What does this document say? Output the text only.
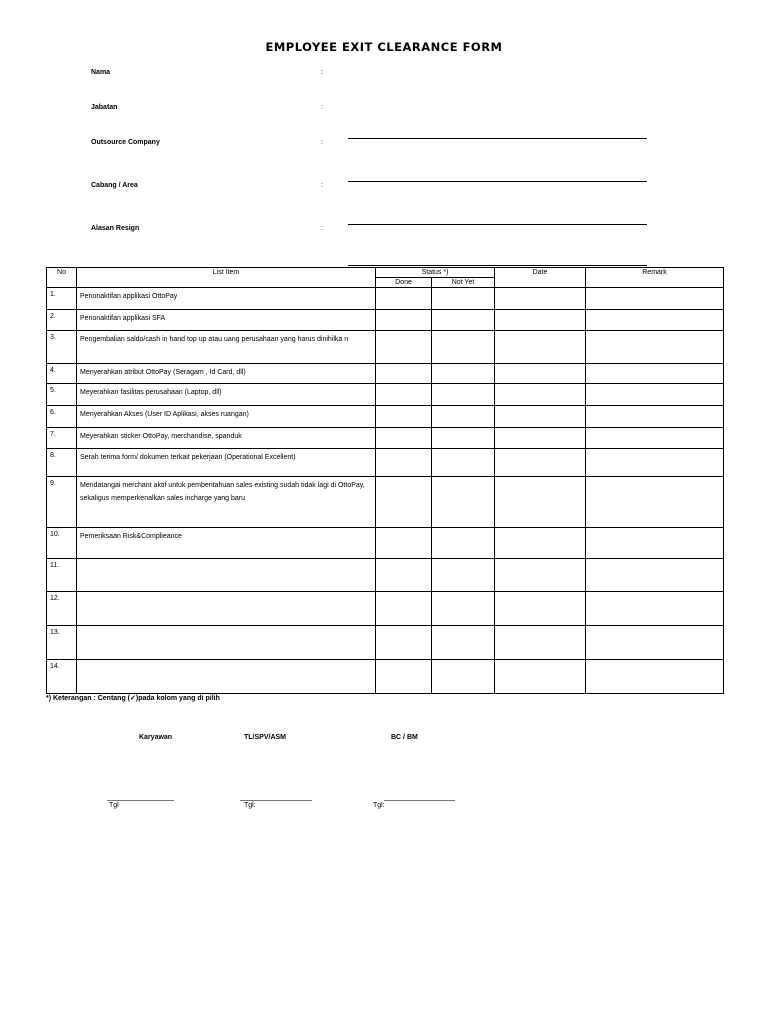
EMPLOYEE EXIT CLEARANCE FORM
Nama	:
Jabatan	:
Outsource Company	:
Cabang / Area	:
Alasan Resign	:
No	List Item	Status *)		Date	Remark
		Done	Not Yet		
1.	Penonaktifan applikasi OttoPay				
2.	Penonaktifan applikasi SFA				
3.	Pengembalian saldo/cash in hand top up atau uang perusahaan yang harus dinihilka n				
4.	Menyerahkan atribut OttoPay (Seragam , Id Card, dll)				
5.	Meyerahkan fasilitas perusahaan (Laptop, dll)				
6.	Menyerahkan Akses (User ID Aplikasi, akses ruangan)				
7.	Meyerahkan sticker OttoPay, merchandise, spanduk				
8.	Serah terima form/ dokumen terkait pekerjaan (Operational Excellent)				
9.	Mendatangai merchant aktif untuk pemberitahuan sales existing sudah tidak lagi di OttoPay, sekaligus memperkenalkan sales incharge yang baru				
10.	Pemeriksaan Risk&Complieance				
11.					
12.					
13.					
14.					
*) Keterangan : Centang (✓)pada kolom yang di pilih
Karyawan	TL/SPV/ASM	BC / BM
Tgl	Tgl:	Tgl:
